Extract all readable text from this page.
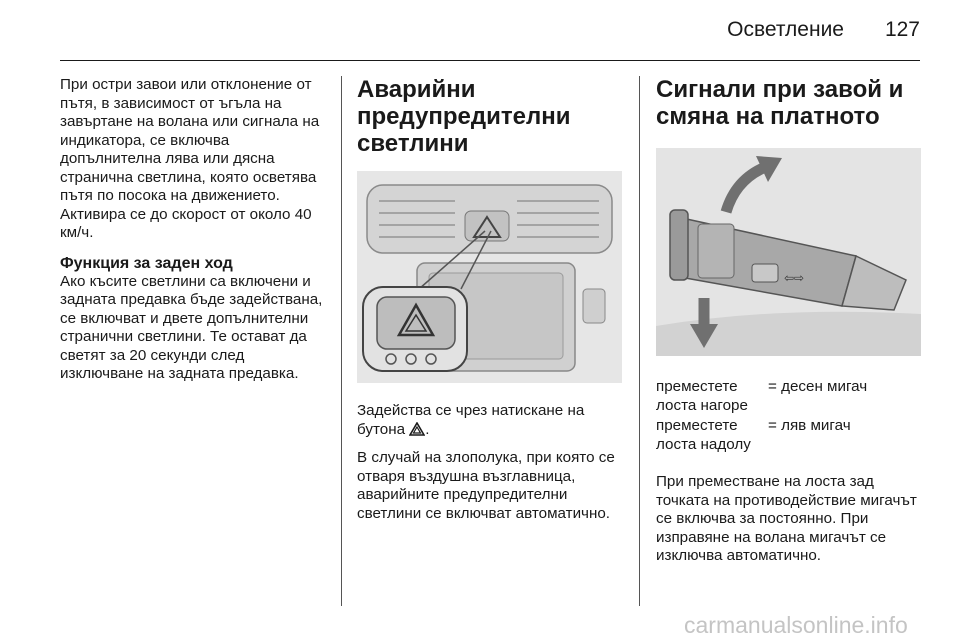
Осветление 127

При остри завои или отклонение от пътя, в зависимост от ъгъла на завъртане на волана или сигнала на индикатора, се включва допълнителна лява или дясна странична светлина, която осветява пътя по посока на движението. Активира се до скорост от около 40 км/ч.

Функция за заден ход

Ако късите светлини са включени и задната предавка бъде задействана, се включват и двете допълнителни странични светлини. Те остават да светят за 20 секунди след изключване на задната предавка.

Аварийни предупредителни светлини

Задейства се чрез натискане на бутона .

В случай на злополука, при която се отваря въздушна възглавница, аварийните предупредителни светлини се включват автоматично.

Сигнали при завой и смяна на платното
⇦⇨
преместете лоста нагоре
= десен мигач
преместете лоста надолу
= ляв мигач

При преместване на лоста зад точката на противодействие мигачът се включва за постоянно. При изправяне на волана мигачът се изключва автоматично.

carmanualsonline.info
